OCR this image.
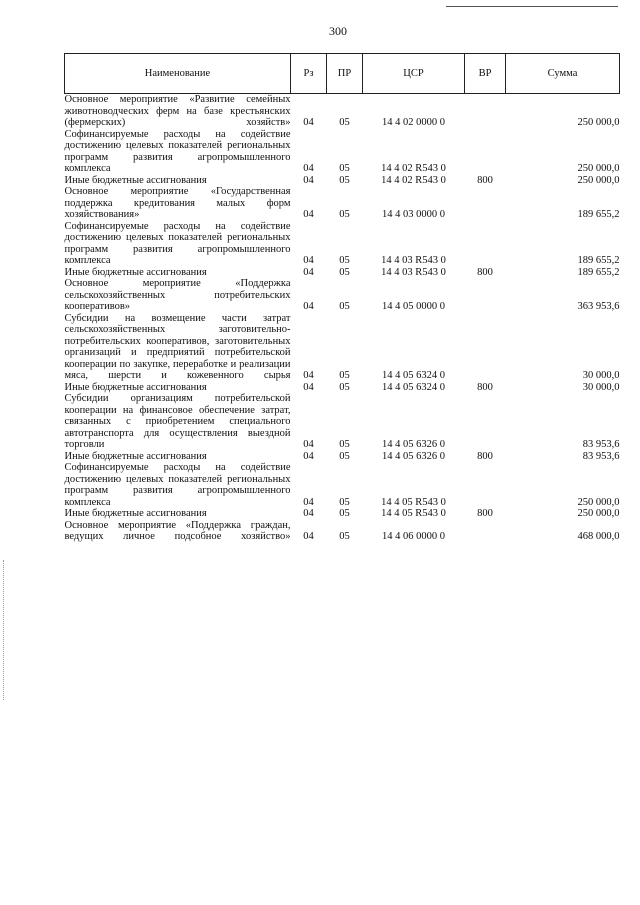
300
Наименование	Рз	ПР	ЦСР	ВР	Сумма
Основное мероприятие «Развитие семейных животноводческих ферм на базе крестьянских (фермерских) хозяйств»	04	05	14 4 02 0000 0		250 000,0
Софинансируемые расходы на содействие достижению целевых показателей региональных программ развития агропромышленного комплекса	04	05	14 4 02 R543 0		250 000,0
Иные бюджетные ассигнования	04	05	14 4 02 R543 0	800	250 000,0
Основное мероприятие «Государственная поддержка кредитования малых форм хозяйствования»	04	05	14 4 03 0000 0		189 655,2
Софинансируемые расходы на содействие достижению целевых показателей региональных программ развития агропромышленного комплекса	04	05	14 4 03 R543 0		189 655,2
Иные бюджетные ассигнования	04	05	14 4 03 R543 0	800	189 655,2
Основное мероприятие «Поддержка сельскохозяйственных потребительских кооперативов»	04	05	14 4 05 0000 0		363 953,6
Субсидии на возмещение части затрат сельскохозяйственных заготовительно-потребительских кооперативов, заготовительных организаций и предприятий потребительской кооперации по закупке, переработке и реализации мяса, шерсти и кожевенного сырья	04	05	14 4 05 6324 0		30 000,0
Иные бюджетные ассигнования	04	05	14 4 05 6324 0	800	30 000,0
Субсидии организациям потребительской кооперации на финансовое обеспечение затрат, связанных с приобретением специального автотранспорта для осуществления выездной торговли	04	05	14 4 05 6326 0		83 953,6
Иные бюджетные ассигнования	04	05	14 4 05 6326 0	800	83 953,6
Софинансируемые расходы на содействие достижению целевых показателей региональных программ развития агропромышленного комплекса	04	05	14 4 05 R543 0		250 000,0
Иные бюджетные ассигнования	04	05	14 4 05 R543 0	800	250 000,0
Основное мероприятие «Поддержка граждан, ведущих личное подсобное хозяйство»	04	05	14 4 06 0000 0		468 000,0
